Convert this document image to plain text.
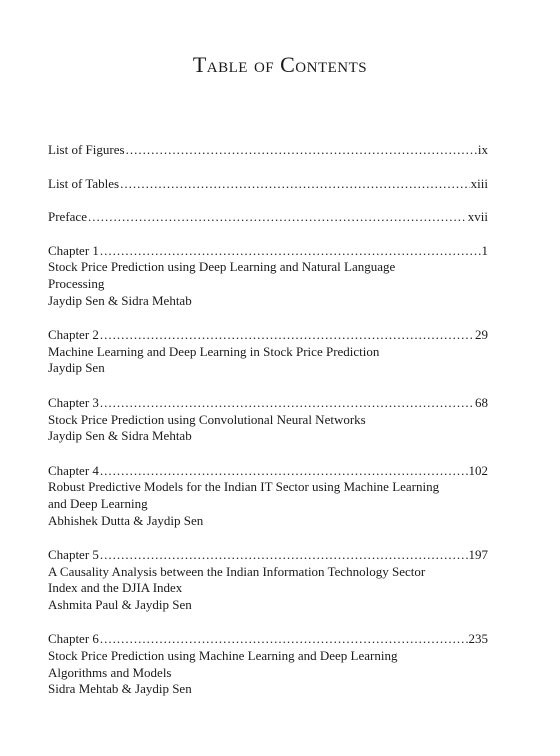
Table of Contents
List of Figures .....	ix
List of Tables .....	xiii
Preface .....	xvii
Chapter 1 .....	1
Stock Price Prediction using Deep Learning and Natural Language Processing
Jaydip Sen & Sidra Mehtab
Chapter 2 .....	29
Machine Learning and Deep Learning in Stock Price Prediction
Jaydip Sen
Chapter 3 .....	68
Stock Price Prediction using Convolutional Neural Networks
Jaydip Sen & Sidra Mehtab
Chapter 4 .....	102
Robust Predictive Models for the Indian IT Sector using Machine Learning and Deep Learning
Abhishek Dutta & Jaydip Sen
Chapter 5 .....	197
A Causality Analysis between the Indian Information Technology Sector Index and the DJIA Index
Ashmita Paul & Jaydip Sen
Chapter 6 .....	235
Stock Price Prediction using Machine Learning and Deep Learning Algorithms and Models
Sidra Mehtab & Jaydip Sen
